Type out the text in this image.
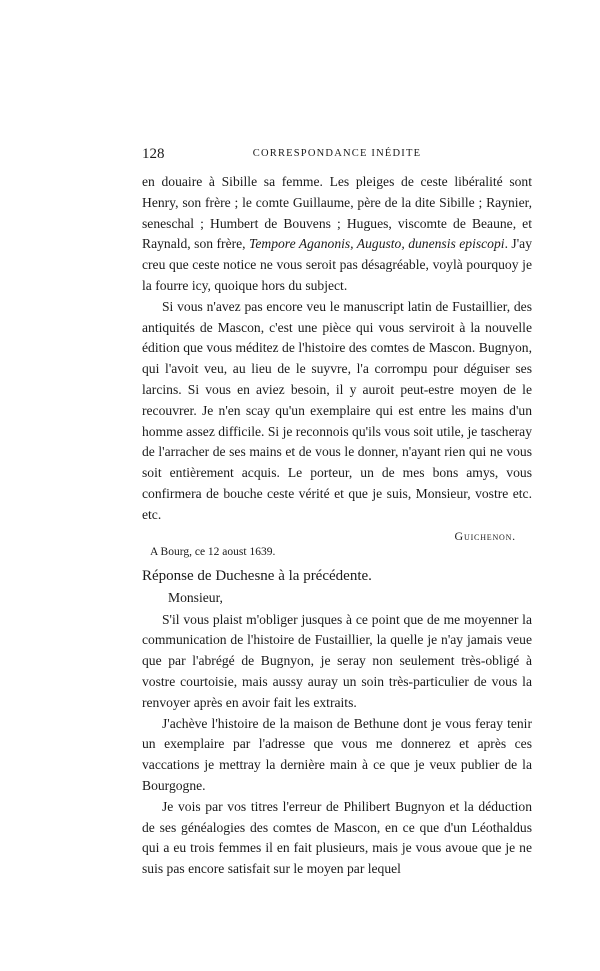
128	CORRESPONDANCE INÉDITE

en douaire à Sibille sa femme. Les pleiges de ceste libéralité sont Henry, son frère ; le comte Guillaume, père de la dite Sibille ; Raynier, seneschal ; Humbert de Bouvens ; Hugues, viscomte de Beaune, et Raynald, son frère, Tempore Aganonis, Augusto, dunensis episcopi. J'ay creu que ceste notice ne vous seroit pas désagréable, voylà pourquoy je la fourre icy, quoique hors du subject.

Si vous n'avez pas encore veu le manuscript latin de Fustaillier, des antiquités de Mascon, c'est une pièce qui vous serviroit à la nouvelle édition que vous méditez de l'histoire des comtes de Mascon. Bugnyon, qui l'avoit veu, au lieu de le suyvre, l'a corrompu pour déguiser ses larcins. Si vous en aviez besoin, il y auroit peut-estre moyen de le recouvrer. Je n'en scay qu'un exemplaire qui est entre les mains d'un homme assez difficile. Si je reconnois qu'ils vous soit utile, je tascheray de l'arracher de ses mains et de vous le donner, n'ayant rien qui ne vous soit entièrement acquis. Le porteur, un de mes bons amys, vous confirmera de bouche ceste vérité et que je suis, Monsieur, vostre etc. etc.

Guichenon.
A Bourg, ce 12 aoust 1639.
Réponse de Duchesne à la précédente.
Monsieur,

S'il vous plaist m'obliger jusques à ce point que de me moyenner la communication de l'histoire de Fustaillier, la quelle je n'ay jamais veue que par l'abrégé de Bugnyon, je seray non seulement très-obligé à vostre courtoisie, mais aussy auray un soin très-particulier de vous la renvoyer après en avoir fait les extraits.

J'achève l'histoire de la maison de Bethune dont je vous feray tenir un exemplaire par l'adresse que vous me donnerez et après ces vaccations je mettray la dernière main à ce que je veux publier de la Bourgogne.

Je vois par vos titres l'erreur de Philibert Bugnyon et la déduction de ses généalogies des comtes de Mascon, en ce que d'un Léothaldus qui a eu trois femmes il en fait plusieurs, mais je vous avoue que je ne suis pas encore satisfait sur le moyen par lequel
